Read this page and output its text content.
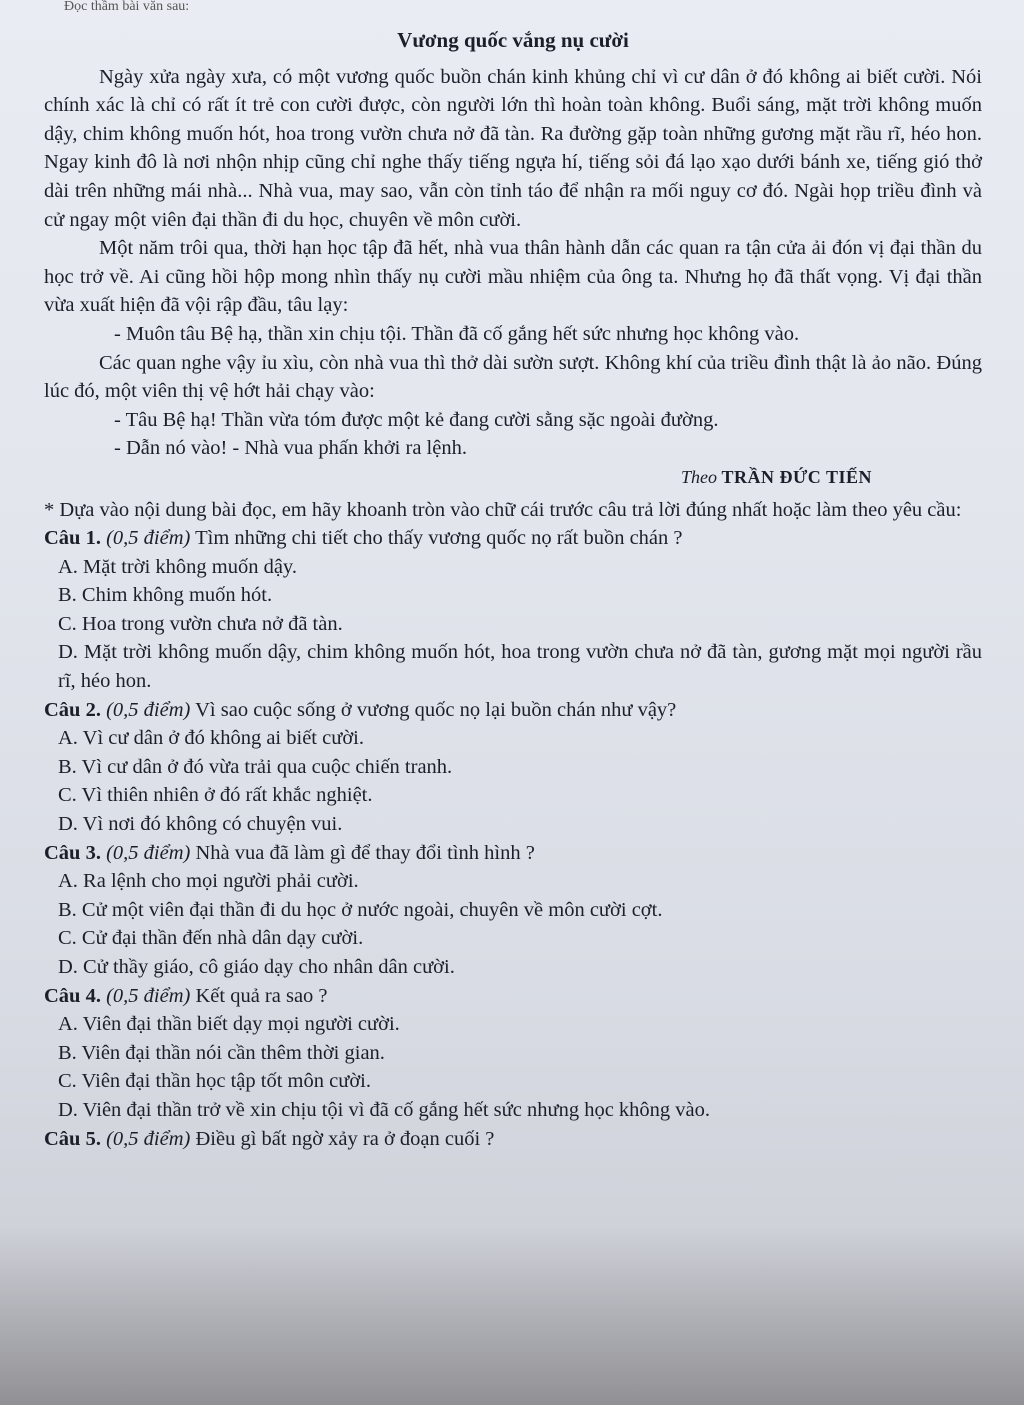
Đọc thầm bài văn sau:
Vương quốc vắng nụ cười

Ngày xửa ngày xưa, có một vương quốc buồn chán kinh khủng chỉ vì cư dân ở đó không ai biết cười. Nói chính xác là chỉ có rất ít trẻ con cười được, còn người lớn thì hoàn toàn không. Buổi sáng, mặt trời không muốn dậy, chim không muốn hót, hoa trong vườn chưa nở đã tàn. Ra đường gặp toàn những gương mặt rầu rĩ, héo hon. Ngay kinh đô là nơi nhộn nhịp cũng chỉ nghe thấy tiếng ngựa hí, tiếng sỏi đá lạo xạo dưới bánh xe, tiếng gió thở dài trên những mái nhà... Nhà vua, may sao, vẫn còn tỉnh táo để nhận ra mối nguy cơ đó. Ngài họp triều đình và cử ngay một viên đại thần đi du học, chuyên về môn cười.

Một năm trôi qua, thời hạn học tập đã hết, nhà vua thân hành dẫn các quan ra tận cửa ải đón vị đại thần du học trở về. Ai cũng hồi hộp mong nhìn thấy nụ cười mầu nhiệm của ông ta. Nhưng họ đã thất vọng. Vị đại thần vừa xuất hiện đã vội rập đầu, tâu lạy:

- Muôn tâu Bệ hạ, thần xin chịu tội. Thần đã cố gắng hết sức nhưng học không vào.

Các quan nghe vậy ỉu xìu, còn nhà vua thì thở dài sườn sượt. Không khí của triều đình thật là ảo não. Đúng lúc đó, một viên thị vệ hớt hải chạy vào:

- Tâu Bệ hạ! Thần vừa tóm được một kẻ đang cười sằng sặc ngoài đường.

- Dẫn nó vào! - Nhà vua phấn khởi ra lệnh.

Theo TRẦN ĐỨC TIẾN

* Dựa vào nội dung bài đọc, em hãy khoanh tròn vào chữ cái trước câu trả lời đúng nhất hoặc làm theo yêu cầu:

Câu 1. (0,5 điểm) Tìm những chi tiết cho thấy vương quốc nọ rất buồn chán ?

A. Mặt trời không muốn dậy.

B. Chim không muốn hót.

C. Hoa trong vườn chưa nở đã tàn.

D. Mặt trời không muốn dậy, chim không muốn hót, hoa trong vườn chưa nở đã tàn, gương mặt mọi người rầu rĩ, héo hon.

Câu 2. (0,5 điểm) Vì sao cuộc sống ở vương quốc nọ lại buồn chán như vậy?

A. Vì cư dân ở đó không ai biết cười.

B. Vì cư dân ở đó vừa trải qua cuộc chiến tranh.

C. Vì thiên nhiên ở đó rất khắc nghiệt.

D. Vì nơi đó không có chuyện vui.

Câu 3. (0,5 điểm) Nhà vua đã làm gì để thay đổi tình hình ?

A. Ra lệnh cho mọi người phải cười.

B. Cử một viên đại thần đi du học ở nước ngoài, chuyên về môn cười cợt.

C. Cử đại thần đến nhà dân dạy cười.

D. Cử thầy giáo, cô giáo dạy cho nhân dân cười.

Câu 4. (0,5 điểm) Kết quả ra sao ?

A. Viên đại thần biết dạy mọi người cười.

B. Viên đại thần nói cần thêm thời gian.

C. Viên đại thần học tập tốt môn cười.

D. Viên đại thần trở về xin chịu tội vì đã cố gắng hết sức nhưng học không vào.

Câu 5. (0,5 điểm) Điều gì bất ngờ xảy ra ở đoạn cuối ?
